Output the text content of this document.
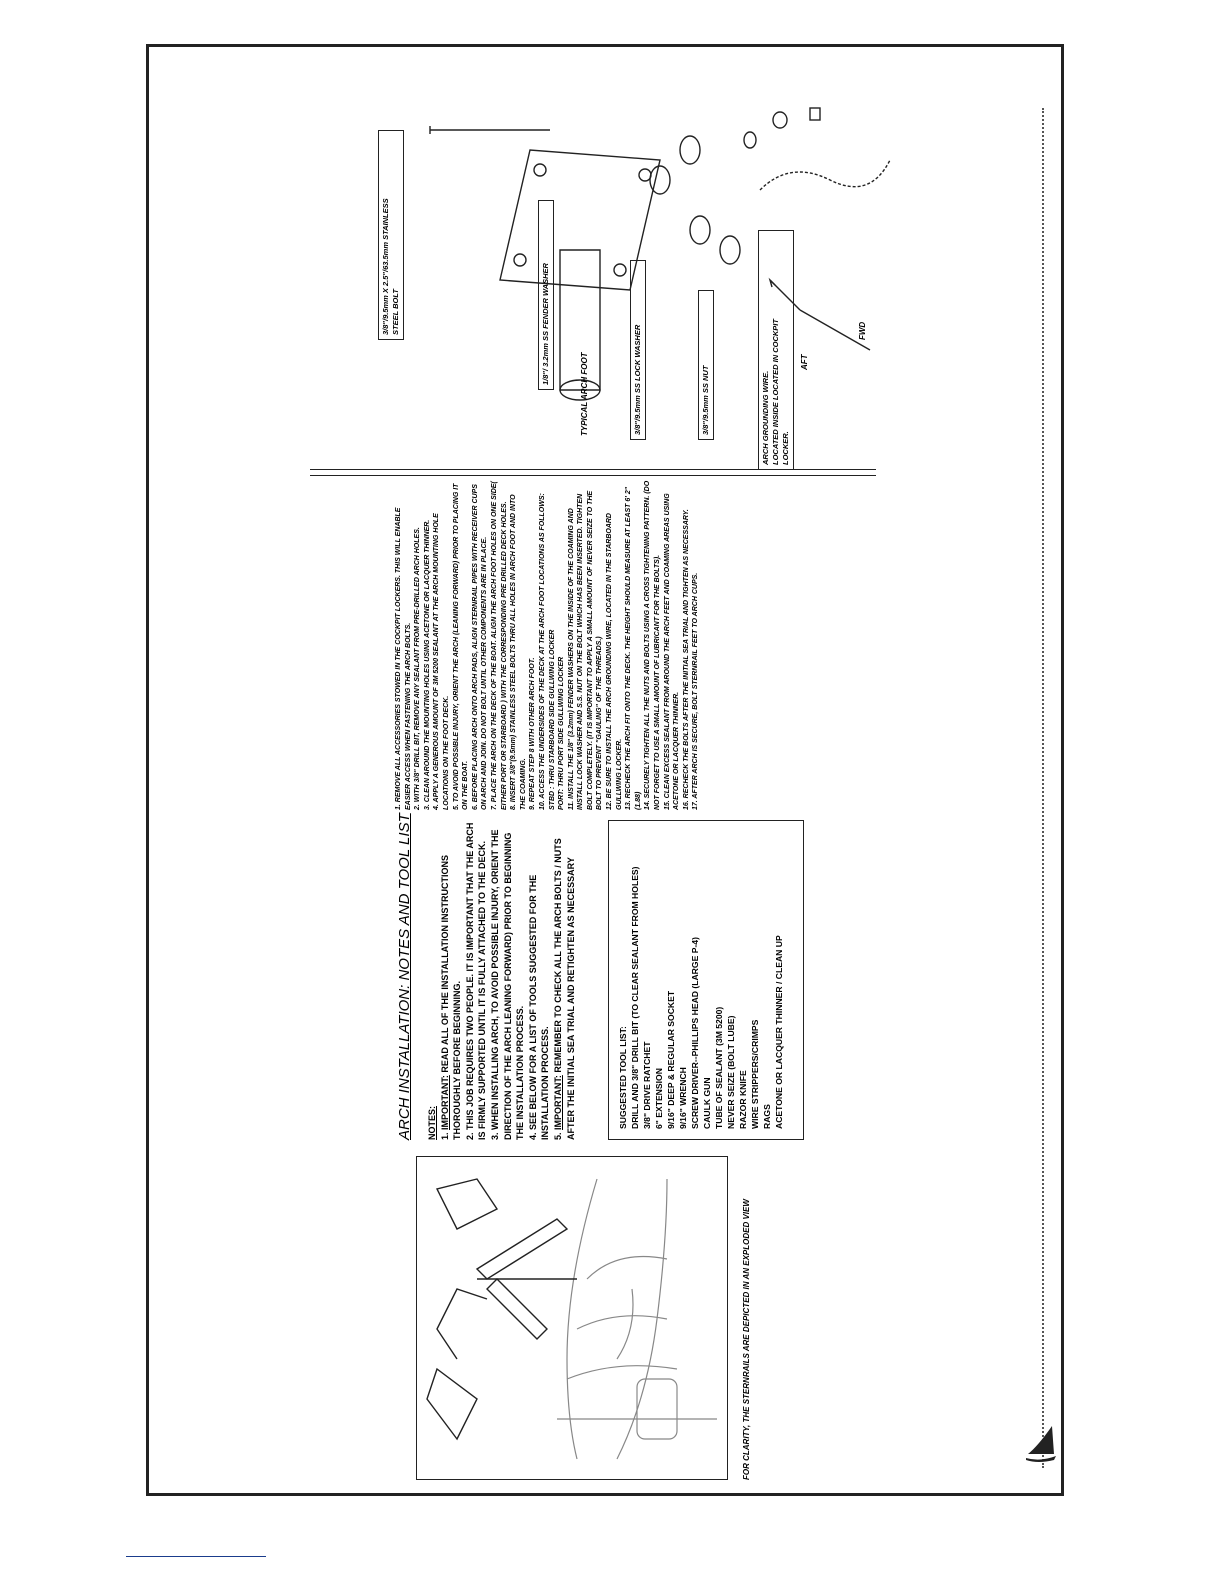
ARCH INSTALLATION: NOTES AND TOOL LIST NOTES: 1. IMPORTANT: READ ALL OF THE INSTALLATION INSTRUCTIONS THOROUGHLY BEFORE BEGINNING. 2. THIS JOB REQUIRES TWO PEOPLE. IT IS IMPORTANT THAT THE ARCH IS FIRMLY SUPPORTED UNTIL IT IS FULLY ATTACHED TO THE DECK. 3. WHEN INSTALLING ARCH, TO AVOID POSSIBLE INJURY, ORIENT THE DIRECTION OF THE ARCH LEANING FORWARD) PRIOR TO BEGINNING THE INSTALLATION PROCESS. 4. SEE BELOW FOR A LIST OF TOOLS SUGGESTED FOR THE INSTALLATION PROCESS. 5. IMPORTANT: REMEMBER TO CHECK ALL THE ARCH BOLTS / NUTS AFTER THE INITIAL SEA TRIAL AND RETIGHTEN AS NECESSARY	SUGGESTED TOOL LIST: DRILL AND 3/8" DRILL BIT (TO CLEAR SEALANT FROM HOLES) 3/8" DRIVE RATCHET 6" EXTENSION 9/16" DEEP & REGULAR SOCKET 9/16" WRENCH SCREW DRIVER--PHILLIPS HEAD (LARGE P-4) CAULK GUN TUBE OF SEALANT (3M 5200) NEVER SEIZE (BOLT LUBE) RAZOR KNIFE WIRE STRIPPERS/CRIMPS RAGS ACETONE OR LACQUER THINNER / CLEAN UP

1. REMOVE ALL ACCESSORIES STOWED IN THE COCKPIT LOCKERS. THIS WILL ENABLE EASIER ACCESS WHEN FASTENING THE ARCH BOLTS. 2. WITH 3/8" DRILL BIT, REMOVE ANY SEALANT FROM PRE-DRILLED ARCH HOLES. 3. CLEAN AROUND THE MOUNTING HOLES USING ACETONE OR LACQUER THINNER. 4. APPLY A GENEROUS AMOUNT OF 3M 5200 SEALANT AT THE ARCH MOUNTING HOLE LOCATIONS ON THE FOOT DECK. 5. TO AVOID POSSIBLE INJURY, ORIENT THE ARCH (LEANING FORWARD) PRIOR TO PLACING IT ON THE BOAT. 6. BEFORE PLACING ARCH ONTO ARCH PADS, ALIGN STERNRAIL PIPES WITH RECEIVER CUPS ON ARCH AND JOIN. DO NOT BOLT UNTIL OTHER COMPONENTS ARE IN PLACE. 7. PLACE THE ARCH ON THE DECK OF THE BOAT. ALIGN THE ARCH FOOT HOLES ON ONE SIDE( EITHER PORT OR STARBOARD ) WITH THE CORRESPONDING PRE DRILLED DECK HOLES. 8. INSERT 3/8"(9.5mm) STAINLESS STEEL BOLTS THRU ALL HOLES IN ARCH FOOT AND INTO THE COAMING. 9. REPEAT STEP 8 WITH OTHER ARCH FOOT. 10. ACCESS THE UNDERSIDES OF THE DECK AT THE ARCH FOOT LOCATIONS AS FOLLOWS: STBD : THRU STARBOARD SIDE GULLWING LOCKER PORT: THRU PORT SIDE GULLWING LOCKER 11. INSTALL THE 1/8" (3.2mm) FENDER WASHERS ON THE INSIDE OF THE COAMING AND INSTALL LOCK WASHER AND S.S. NUT ON THE BOLT WHICH HAS BEEN INSERTED. TIGHTEN BOLT COMPLETELY. (IT IS IMPORTANT TO APPLY A SMALL AMOUNT OF NEVER SEIZE TO THE BOLT TO PREVENT "GAULING" OF THE THREADS.) 12. BE SURE TO INSTALL THE ARCH GROUNDING WIRE, LOCATED IN THE STARBOARD GULLWING LOCKER. 13. RECHECK THE ARCH FIT ONTO THE DECK. THE HEIGHT SHOULD MEASURE AT LEAST 6' 2" (1.88) 14. SECURELY TIGHTEN ALL THE NUTS AND BOLTS USING A CROSS TIGHTENING PATTERN. (DO NOT FORGET TO USE A SMALL AMOUNT OF LUBRICANT FOR THE BOLTS). 15. CLEAN EXCESS SEALANT FROM AROUND THE ARCH FEET AND COAMING AREAS USING ACETONE OR LACQUER THINNER. 16. RECHECK THE BOLTS AFTER THE INITIAL SEA TRIAL AND TIGHTEN AS NECESSARY. 17. AFTER ARCH IS SECURE, BOLT STERNRAIL FEET TO ARCH CUPS.

FOR CLARITY, THE STERNRAILS ARE DEPICTED IN AN EXPLODED VIEW
TYPICAL ARCH FOOT
FWD
AFT

3/8"/9.5mm X 2.5"/63.5mm STAINLESS STEEL BOLT	1/8"/ 3.2mm SS FENDER WASHER	3/8"/9.5mm SS LOCK WASHER	3/8"/9.5mm SS NUT	ARCH GROUNDING WIRE. LOCATED INSIDE LOCATED IN COCKPIT LOCKER.
